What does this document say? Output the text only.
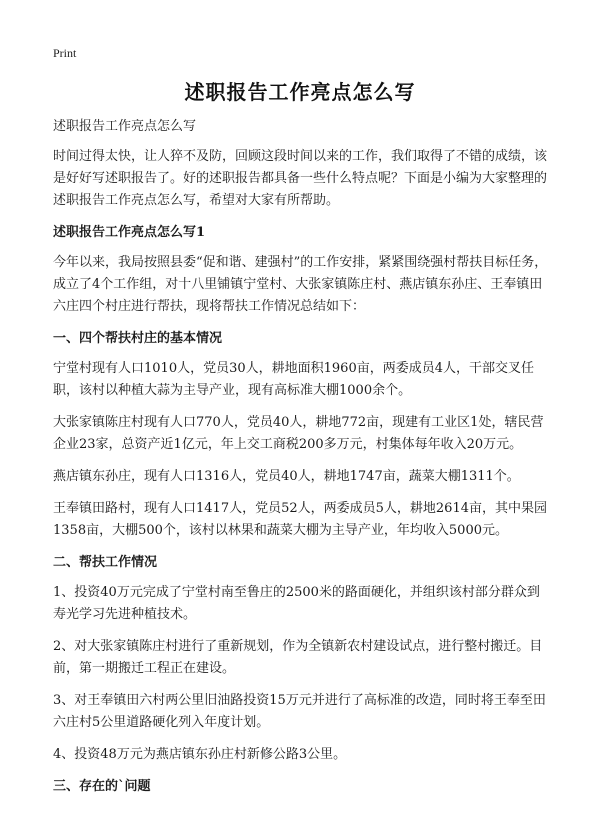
Print
述职报告工作亮点怎么写

述职报告工作亮点怎么写

时间过得太快，让人猝不及防，回顾这段时间以来的工作，我们取得了不错的成绩，该是好好写述职报告了。好的述职报告都具备一些什么特点呢？下面是小编为大家整理的述职报告工作亮点怎么写，希望对大家有所帮助。

述职报告工作亮点怎么写1

今年以来，我局按照县委“促和谐、建强村”的工作安排，紧紧围绕强村帮扶目标任务，成立了4个工作组，对十八里铺镇宁堂村、大张家镇陈庄村、燕店镇东孙庄、王奉镇田六庄四个村庄进行帮扶，现将帮扶工作情况总结如下：

一、四个帮扶村庄的基本情况

宁堂村现有人口1010人，党员30人，耕地面积1960亩，两委成员4人，干部交叉任职，该村以种植大蒜为主导产业，现有高标准大棚1000余个。

大张家镇陈庄村现有人口770人，党员40人，耕地772亩，现建有工业区1处，辖民营企业23家，总资产近1亿元，年上交工商税200多万元，村集体每年收入20万元。

燕店镇东孙庄，现有人口1316人，党员40人，耕地1747亩，蔬菜大棚1311个。

王奉镇田路村，现有人口1417人，党员52人，两委成员5人，耕地2614亩，其中果园1358亩，大棚500个，该村以林果和蔬菜大棚为主导产业，年均收入5000元。

二、帮扶工作情况

1、投资40万元完成了宁堂村南至鲁庄的2500米的路面硬化，并组织该村部分群众到寿光学习先进种植技术。

2、对大张家镇陈庄村进行了重新规划，作为全镇新农村建设试点，进行整村搬迁。目前，第一期搬迁工程正在建设。

3、对王奉镇田六村两公里旧油路投资15万元并进行了高标准的改造，同时将王奉至田六庄村5公里道路硬化列入年度计划。

4、投资48万元为燕店镇东孙庄村新修公路3公里。

三、存在的`问题
